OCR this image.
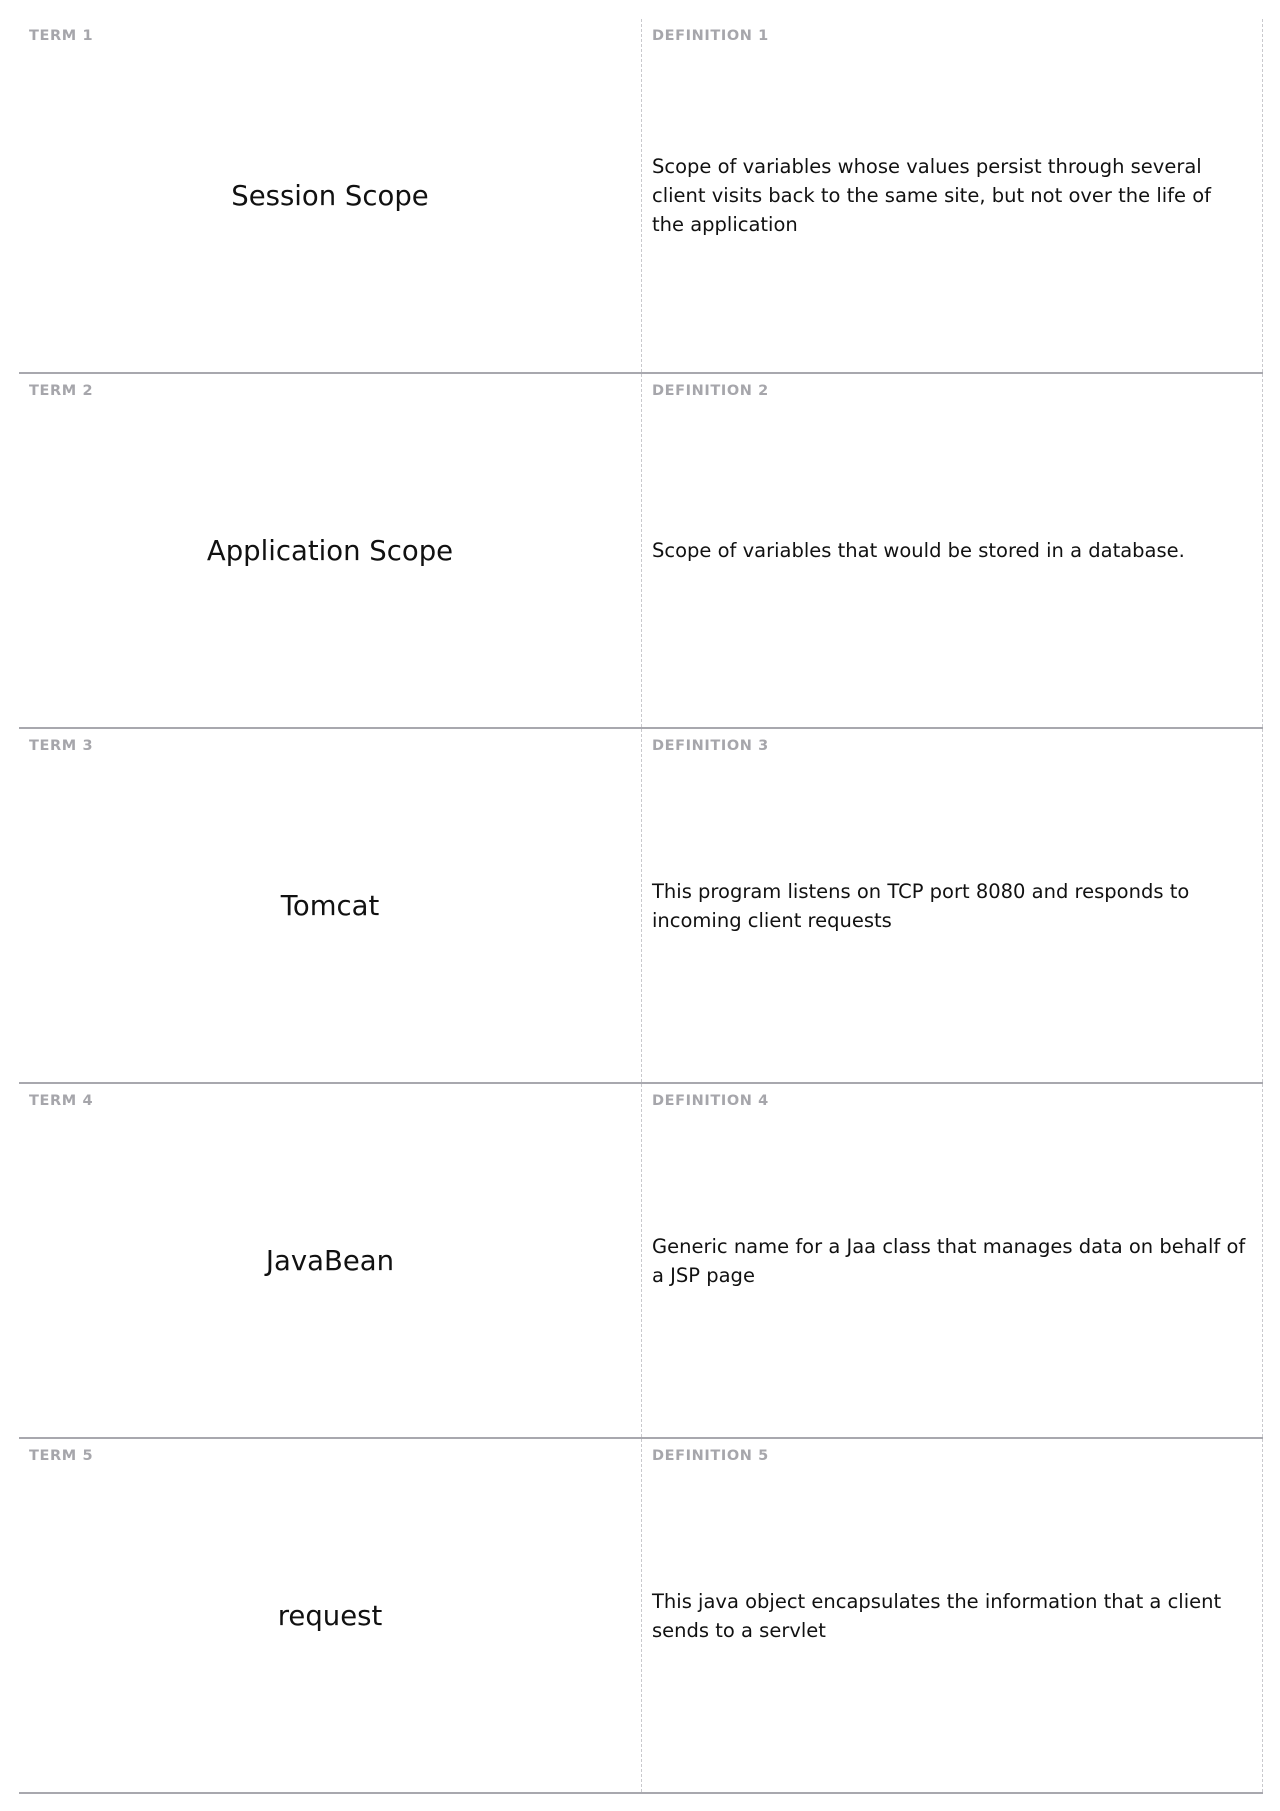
TERM 1
Session Scope
DEFINITION 1
Scope of variables whose values persist through several client visits back to the same site, but not over the life of the application
TERM 2
Application Scope
DEFINITION 2
Scope of variables that would be stored in a database.
TERM 3
Tomcat
DEFINITION 3
This program listens on TCP port 8080 and responds to incoming client requests
TERM 4
JavaBean
DEFINITION 4
Generic name for a Jaa class that manages data on behalf of a JSP page
TERM 5
request
DEFINITION 5
This java object encapsulates the information that a client sends to a servlet
